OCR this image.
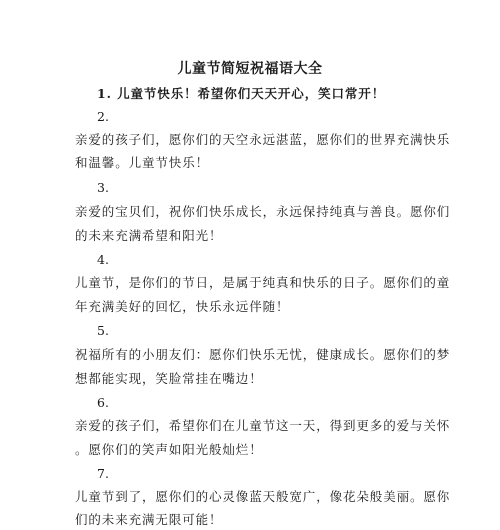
儿童节简短祝福语大全
1. 儿童节快乐！希望你们天天开心，笑口常开！
2.
亲爱的孩子们，愿你们的天空永远湛蓝，愿你们的世界充满快乐
和温馨。儿童节快乐！
3.
亲爱的宝贝们，祝你们快乐成长，永远保持纯真与善良。愿你们
的未来充满希望和阳光！
4.
儿童节，是你们的节日，是属于纯真和快乐的日子。愿你们的童
年充满美好的回忆，快乐永远伴随！
5.
祝福所有的小朋友们：愿你们快乐无忧，健康成长。愿你们的梦
想都能实现，笑脸常挂在嘴边！
6.
亲爱的孩子们，希望你们在儿童节这一天，得到更多的爱与关怀
。愿你们的笑声如阳光般灿烂！
7.
儿童节到了，愿你们的心灵像蓝天般宽广，像花朵般美丽。愿你
们的未来充满无限可能！
